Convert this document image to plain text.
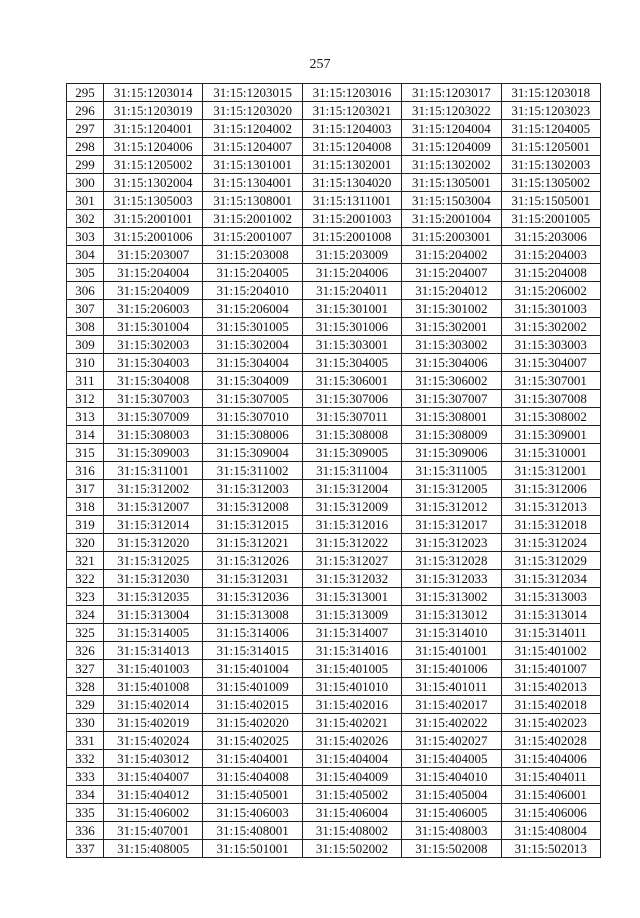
257
295	31:15:1203014	31:15:1203015	31:15:1203016	31:15:1203017	31:15:1203018
296	31:15:1203019	31:15:1203020	31:15:1203021	31:15:1203022	31:15:1203023
297	31:15:1204001	31:15:1204002	31:15:1204003	31:15:1204004	31:15:1204005
298	31:15:1204006	31:15:1204007	31:15:1204008	31:15:1204009	31:15:1205001
299	31:15:1205002	31:15:1301001	31:15:1302001	31:15:1302002	31:15:1302003
300	31:15:1302004	31:15:1304001	31:15:1304020	31:15:1305001	31:15:1305002
301	31:15:1305003	31:15:1308001	31:15:1311001	31:15:1503004	31:15:1505001
302	31:15:2001001	31:15:2001002	31:15:2001003	31:15:2001004	31:15:2001005
303	31:15:2001006	31:15:2001007	31:15:2001008	31:15:2003001	31:15:203006
304	31:15:203007	31:15:203008	31:15:203009	31:15:204002	31:15:204003
305	31:15:204004	31:15:204005	31:15:204006	31:15:204007	31:15:204008
306	31:15:204009	31:15:204010	31:15:204011	31:15:204012	31:15:206002
307	31:15:206003	31:15:206004	31:15:301001	31:15:301002	31:15:301003
308	31:15:301004	31:15:301005	31:15:301006	31:15:302001	31:15:302002
309	31:15:302003	31:15:302004	31:15:303001	31:15:303002	31:15:303003
310	31:15:304003	31:15:304004	31:15:304005	31:15:304006	31:15:304007
311	31:15:304008	31:15:304009	31:15:306001	31:15:306002	31:15:307001
312	31:15:307003	31:15:307005	31:15:307006	31:15:307007	31:15:307008
313	31:15:307009	31:15:307010	31:15:307011	31:15:308001	31:15:308002
314	31:15:308003	31:15:308006	31:15:308008	31:15:308009	31:15:309001
315	31:15:309003	31:15:309004	31:15:309005	31:15:309006	31:15:310001
316	31:15:311001	31:15:311002	31:15:311004	31:15:311005	31:15:312001
317	31:15:312002	31:15:312003	31:15:312004	31:15:312005	31:15:312006
318	31:15:312007	31:15:312008	31:15:312009	31:15:312012	31:15:312013
319	31:15:312014	31:15:312015	31:15:312016	31:15:312017	31:15:312018
320	31:15:312020	31:15:312021	31:15:312022	31:15:312023	31:15:312024
321	31:15:312025	31:15:312026	31:15:312027	31:15:312028	31:15:312029
322	31:15:312030	31:15:312031	31:15:312032	31:15:312033	31:15:312034
323	31:15:312035	31:15:312036	31:15:313001	31:15:313002	31:15:313003
324	31:15:313004	31:15:313008	31:15:313009	31:15:313012	31:15:313014
325	31:15:314005	31:15:314006	31:15:314007	31:15:314010	31:15:314011
326	31:15:314013	31:15:314015	31:15:314016	31:15:401001	31:15:401002
327	31:15:401003	31:15:401004	31:15:401005	31:15:401006	31:15:401007
328	31:15:401008	31:15:401009	31:15:401010	31:15:401011	31:15:402013
329	31:15:402014	31:15:402015	31:15:402016	31:15:402017	31:15:402018
330	31:15:402019	31:15:402020	31:15:402021	31:15:402022	31:15:402023
331	31:15:402024	31:15:402025	31:15:402026	31:15:402027	31:15:402028
332	31:15:403012	31:15:404001	31:15:404004	31:15:404005	31:15:404006
333	31:15:404007	31:15:404008	31:15:404009	31:15:404010	31:15:404011
334	31:15:404012	31:15:405001	31:15:405002	31:15:405004	31:15:406001
335	31:15:406002	31:15:406003	31:15:406004	31:15:406005	31:15:406006
336	31:15:407001	31:15:408001	31:15:408002	31:15:408003	31:15:408004
337	31:15:408005	31:15:501001	31:15:502002	31:15:502008	31:15:502013
